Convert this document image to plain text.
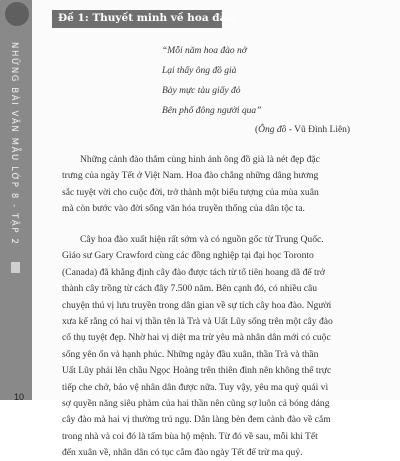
NHỮNG BÀI VĂN MẪU LỚP 8 - TẬP 2
10
Đề 1: Thuyết minh về hoa đào.
“Mỗi năm hoa đào nở
Lại thấy ông đồ già
Bày mực tàu giấy đỏ
Bên phố đông người qua”
(Ông đồ - Vũ Đình Liên)
Những cảnh đào thắm cùng hình ảnh ông đồ già là nét đẹp đặc
trưng của ngày Tết ở Việt Nam. Hoa đào chẳng những dâng hương
sắc tuyệt vời cho cuộc đời, trở thành một biểu tượng của mùa xuân
mà còn bước vào đời sống văn hóa truyền thống của dân tộc ta.
Cây hoa đào xuất hiện rất sớm và có nguồn gốc từ Trung Quốc.
Giáo sư Gary Crawford cùng các đồng nghiệp tại đại học Toronto
(Canada) đã khẳng định cây đào được tách từ tổ tiên hoang dã để trở
thành cây trồng từ cách đây 7.500 năm. Bên cạnh đó, có nhiều câu
chuyện thú vị lưu truyền trong dân gian về sự tích cây hoa đào. Người
xưa kể rằng có hai vị thần tên là Trà và Uất Lũy sống trên một cây đào
cổ thụ tuyệt đẹp. Nhờ hai vị diệt ma trừ yêu mà nhân dân mới có cuộc
sống yên ổn và hạnh phúc. Những ngày đầu xuân, thần Trà và thần
Uất Lũy phải lên chầu Ngọc Hoàng trên thiên đình nên không thể trực
tiếp che chở, bảo vệ nhân dân được nữa. Tuy vậy, yêu ma quỷ quái vì
sợ quyền năng siêu phàm của hai thần nên cũng sợ luôn cả bóng dáng
cây đào mà hai vị thường trú ngụ. Dân làng bèn đem cành đào về cắm
trong nhà và coi đó là tấm bùa hộ mệnh. Từ đó về sau, mỗi khi Tết
đến xuân về, nhân dân có tục cắm đào ngày Tết để trừ ma quỷ.
